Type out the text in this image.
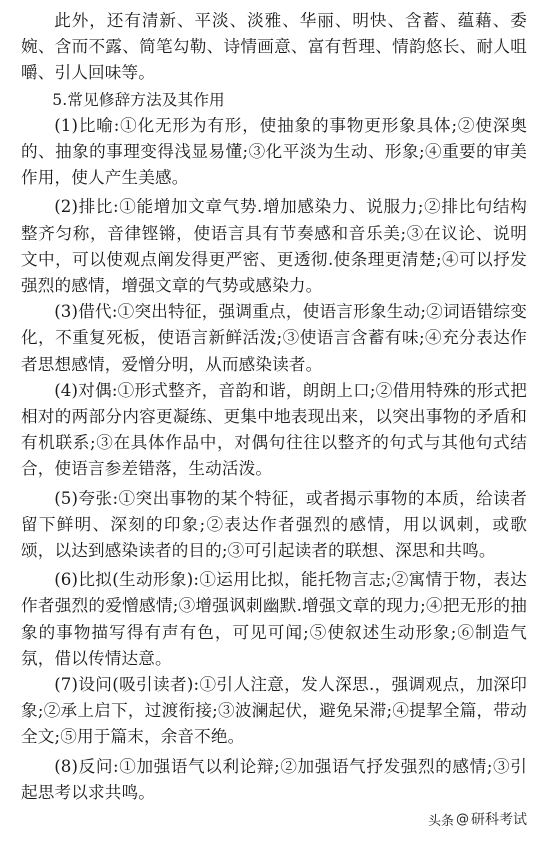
此外，还有清新、平淡、淡雅、华丽、明快、含蓄、蕴藉、委婉、含而不露、简笔勾勒、诗情画意、富有哲理、情韵悠长、耐人咀嚼、引人回味等。

5.常见修辞方法及其作用

(1)比喻:①化无形为有形，使抽象的事物更形象具体;②使深奥的、抽象的事理变得浅显易懂;③化平淡为生动、形象;④重要的审美作用，使人产生美感。

(2)排比:①能增加文章气势.增加感染力、说服力;②排比句结构整齐匀称，音律铿锵，使语言具有节奏感和音乐美;③在议论、说明文中，可以使观点阐发得更严密、更透彻.使条理更清楚;④可以抒发强烈的感情，增强文章的气势或感染力。

(3)借代:①突出特征，强调重点，使语言形象生动;②词语错综变化，不重复死板，使语言新鲜活泼;③使语言含蓄有味;④充分表达作者思想感情，爱憎分明，从而感染读者。

(4)对偶:①形式整齐，音韵和谐，朗朗上口;②借用特殊的形式把相对的两部分内容更凝练、更集中地表现出来，以突出事物的矛盾和有机联系;③在具体作品中，对偶句往往以整齐的句式与其他句式结合，使语言参差错落，生动活泼。

(5)夸张:①突出事物的某个特征，或者揭示事物的本质，给读者留下鲜明、深刻的印象;②表达作者强烈的感情，用以讽刺，或歌颂，以达到感染读者的目的;③可引起读者的联想、深思和共鸣。

(6)比拟(生动形象):①运用比拟，能托物言志;②寓情于物，表达作者强烈的爱憎感情;③增强讽刺幽默.增强文章的现力;④把无形的抽象的事物描写得有声有色，可见可闻;⑤使叙述生动形象;⑥制造气氛，借以传情达意。

(7)设问(吸引读者):①引人注意，发人深思.，强调观点，加深印象;②承上启下，过渡衔接;③波澜起伏，避免呆滞;④提挈全篇，带动全文;⑤用于篇末，余音不绝。

(8)反问:①加强语气以利论辩;②加强语气抒发强烈的感情;③引起思考以求共鸣。

头条 @ 研科考试
